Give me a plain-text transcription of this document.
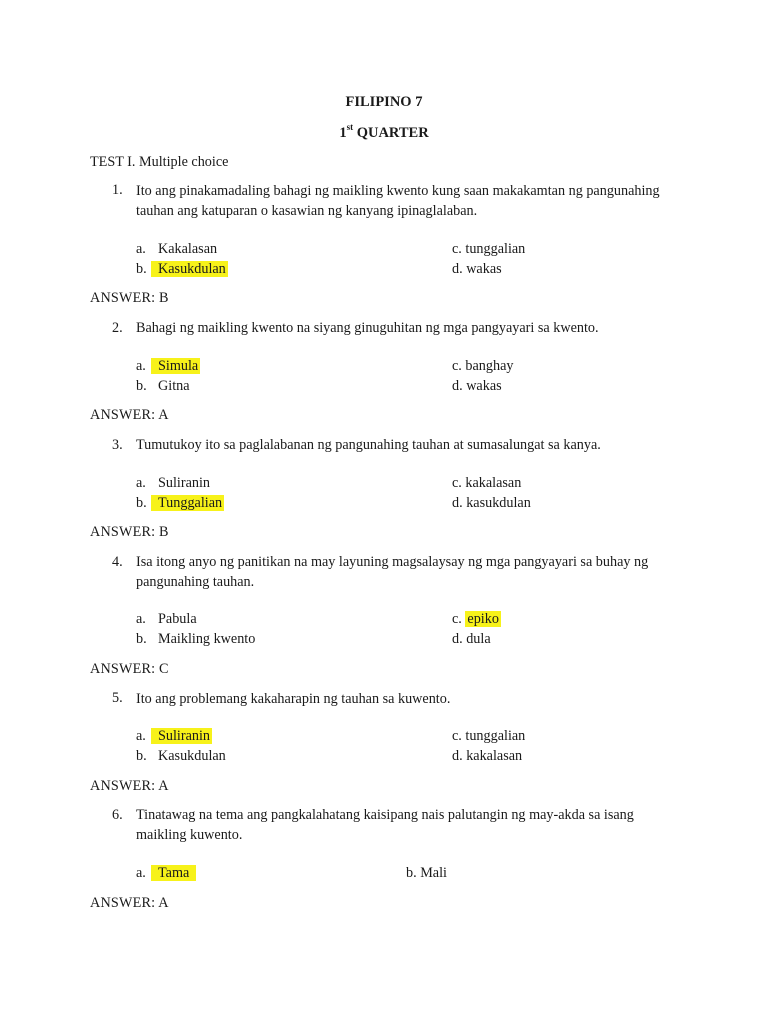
FILIPINO 7
1st QUARTER
TEST I. Multiple choice
1. Ito ang pinakamadaling bahagi ng maikling kwento kung saan makakamtan ng pangunahing tauhan ang katuparan o kasawian ng kanyang ipinaglalaban.
a. Kakalasan
b. Kasukdulan
c. tunggalian
d. wakas
ANSWER: B
2. Bahagi ng maikling kwento na siyang ginuguhitan ng mga pangyayari sa kwento.
a. Simula
b. Gitna
c. banghay
d. wakas
ANSWER: A
3. Tumutukoy ito sa paglalabanan ng pangunahing tauhan at sumasalungat sa kanya.
a. Suliranin
b. Tunggalian
c. kakalasan
d. kasukdulan
ANSWER: B
4. Isa itong anyo ng panitikan na may layuning magsalaysay ng mga pangyayari sa buhay ng pangunahing tauhan.
a. Pabula
b. Maikling kwento
c. epiko
d. dula
ANSWER: C
5. Ito ang problemang kakaharapin ng tauhan sa kuwento.
a. Suliranin
b. Kasukdulan
c. tunggalian
d. kakalasan
ANSWER: A
6. Tinatawag na tema ang pangkalahatang kaisipang nais palutangin ng may-akda sa isang maikling kuwento.
a. Tama	b. Mali
ANSWER: A
